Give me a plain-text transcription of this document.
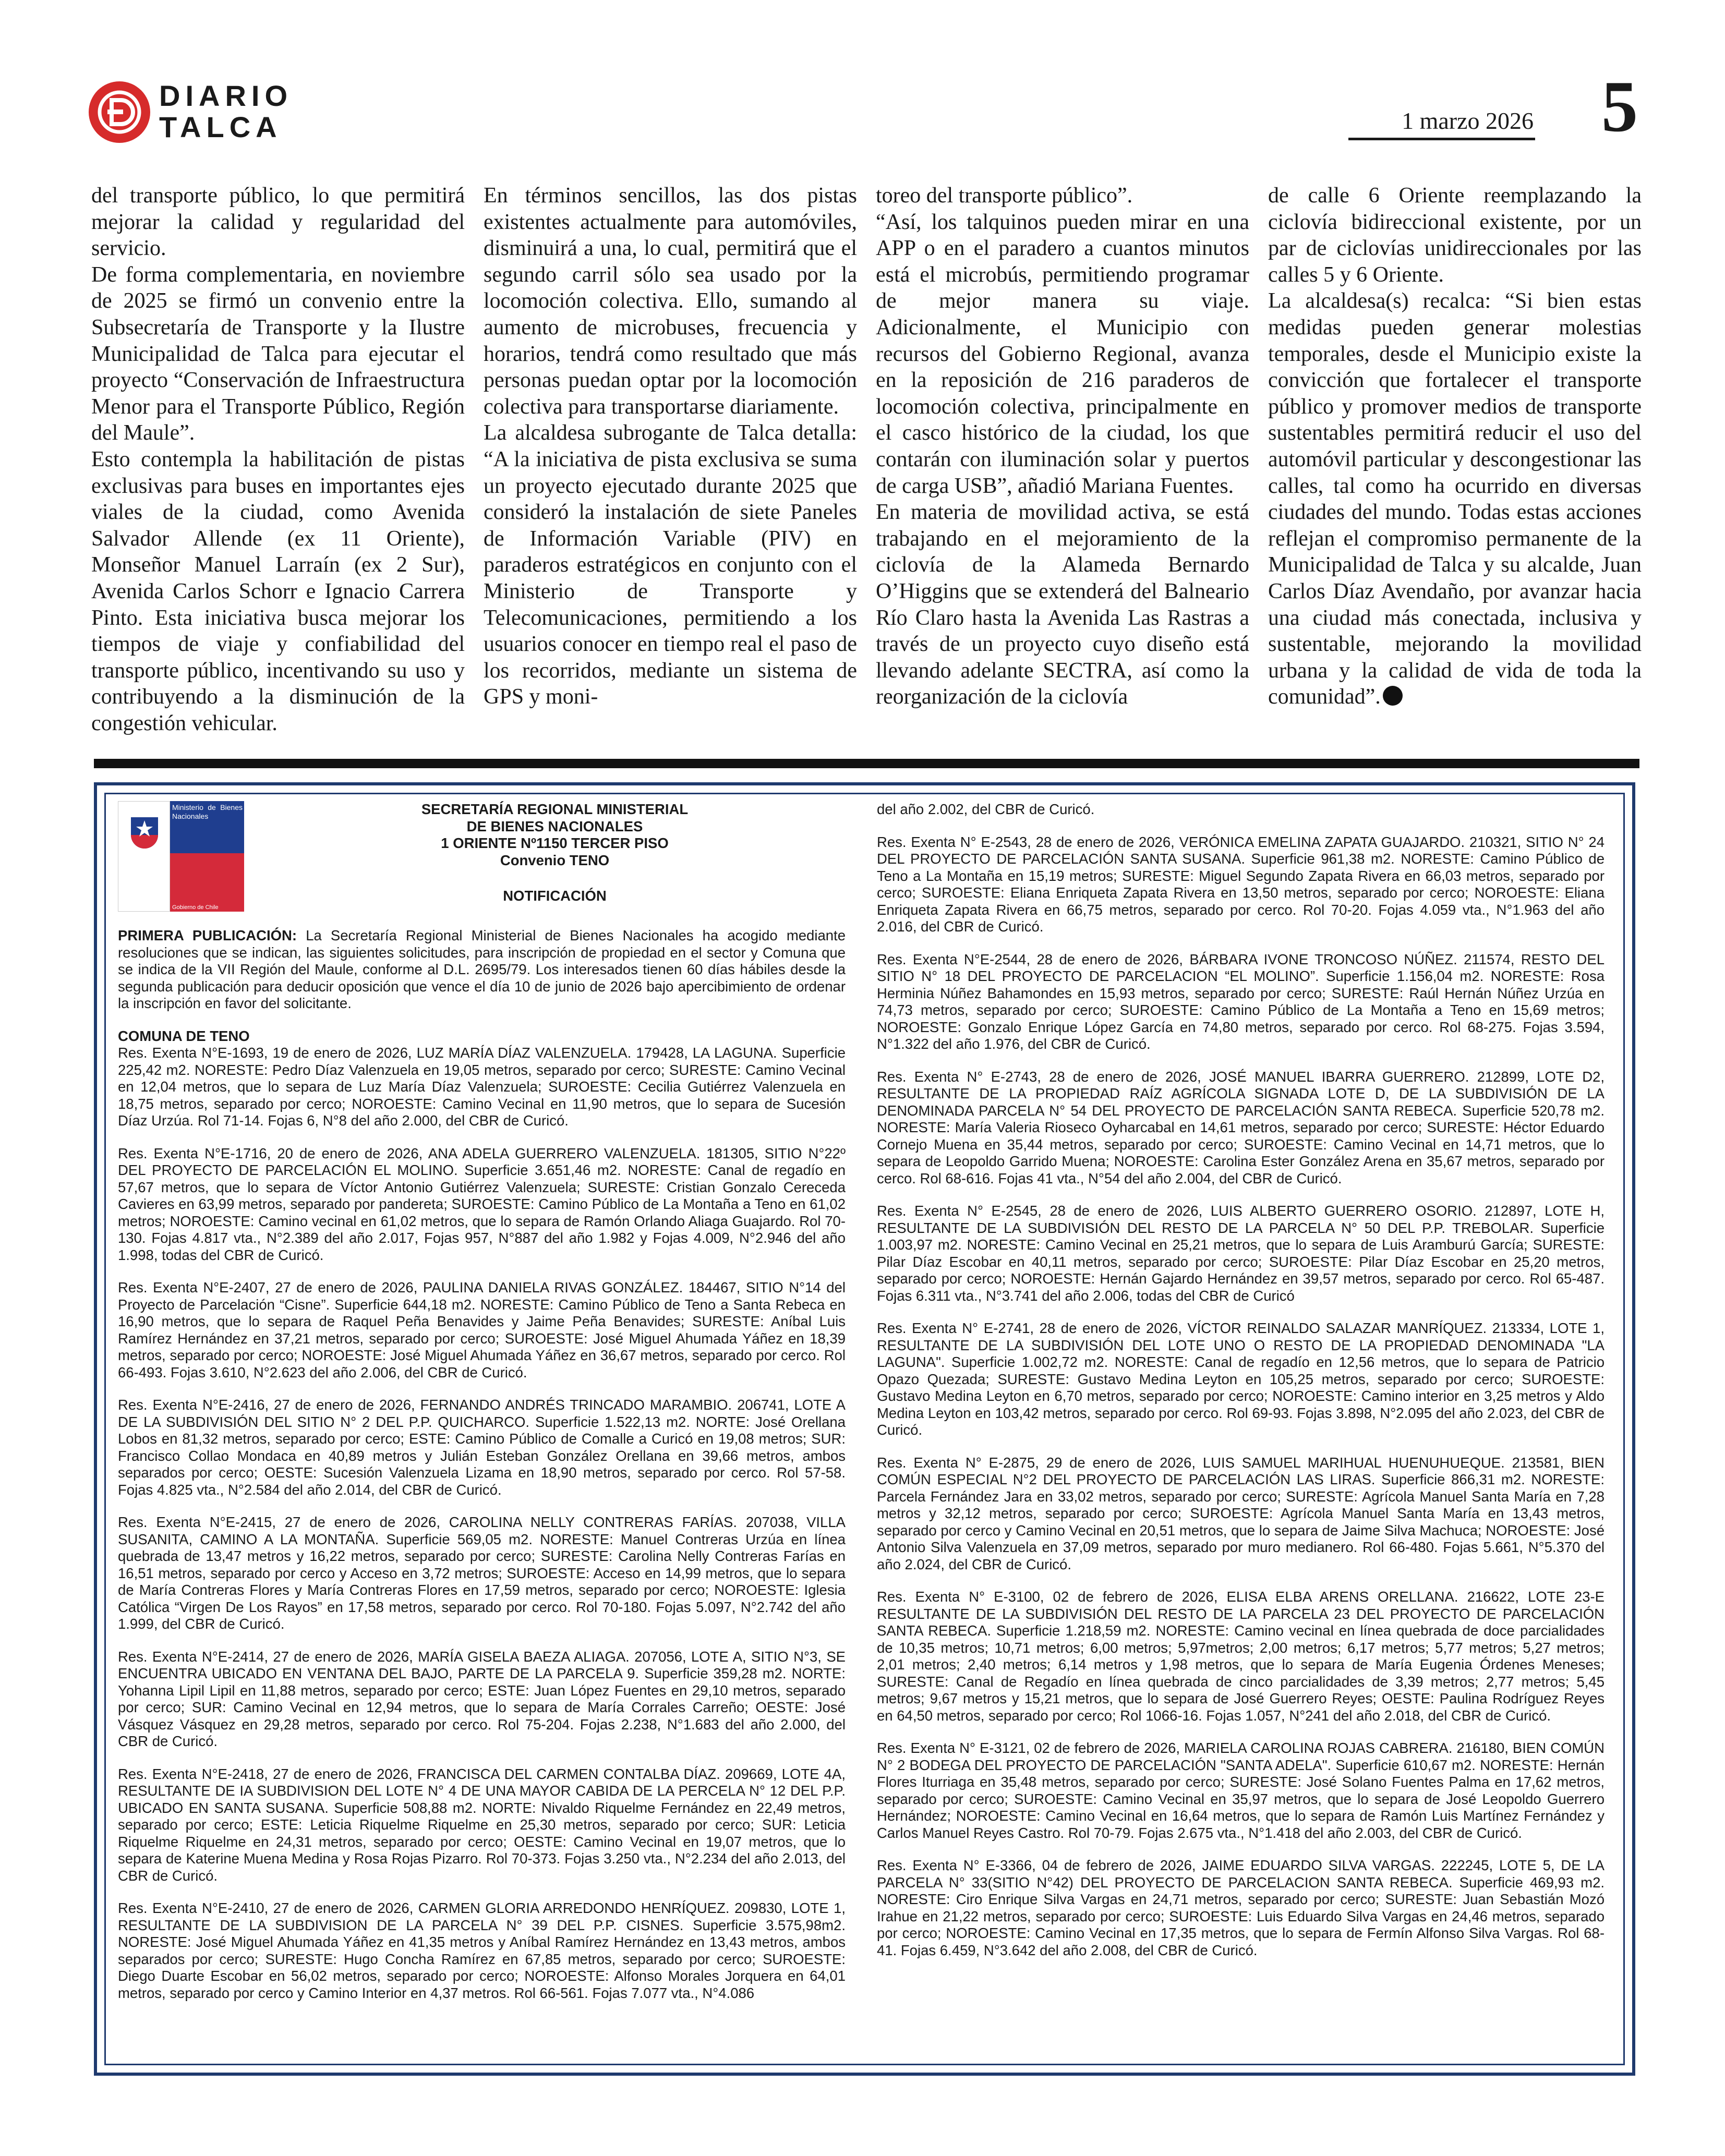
DIARIO
TALCA	1 marzo 2026 5

del transporte público, lo que permitirá mejorar la calidad y regularidad del servicio.

De forma complementaria, en noviembre de 2025 se firmó un convenio entre la Subsecretaría de Transporte y la Ilustre Municipalidad de Talca para ejecutar el proyecto “Conservación de Infraestructura Menor para el Transporte Público, Región del Maule”.

Esto contempla la habilitación de pistas exclusivas para buses en importantes ejes viales de la ciudad, como Avenida Salvador Allende (ex 11 Oriente), Monseñor Manuel Larraín (ex 2 Sur), Avenida Carlos Schorr e Ignacio Carrera Pinto. Esta iniciativa busca mejorar los tiempos de viaje y confiabilidad del transporte público, incentivando su uso y contribuyendo a la disminución de la congestión vehicular.

En términos sencillos, las dos pistas existentes actualmente para automóviles, disminuirá a una, lo cual, permitirá que el segundo carril sólo sea usado por la locomoción colectiva. Ello, sumando al aumento de microbuses, frecuencia y horarios, tendrá como resultado que más personas puedan optar por la locomoción colectiva para transportarse diariamente.

La alcaldesa subrogante de Talca detalla: “A la iniciativa de pista exclusiva se suma un proyecto ejecutado durante 2025 que consideró la instalación de siete Paneles de Información Variable (PIV) en paraderos estratégicos en conjunto con el Ministerio de Transporte y Telecomunicaciones, permitiendo a los usuarios conocer en tiempo real el paso de los recorridos, mediante un sistema de GPS y moni-

toreo del transporte público”.

“Así, los talquinos pueden mirar en una APP o en el paradero a cuantos minutos está el microbús, permitiendo programar de mejor manera su viaje. Adicionalmente, el Municipio con recursos del Gobierno Regional, avanza en la reposición de 216 paraderos de locomoción colectiva, principalmente en el casco histórico de la ciudad, los que contarán con iluminación solar y puertos de carga USB”, añadió Mariana Fuentes.

En materia de movilidad activa, se está trabajando en el mejoramiento de la ciclovía de la Alameda Bernardo O’Higgins que se extenderá del Balneario Río Claro hasta la Avenida Las Rastras a través de un proyecto cuyo diseño está llevando adelante SECTRA, así como la reorganización de la ciclovía

de calle 6 Oriente reemplazando la ciclovía bidireccional existente, por un par de ciclovías unidireccionales por las calles 5 y 6 Oriente.

La alcaldesa(s) recalca: “Si bien estas medidas pueden generar molestias temporales, desde el Municipio existe la convicción que fortalecer el transporte público y promover medios de transporte sustentables permitirá reducir el uso del automóvil particular y descongestionar las calles, tal como ha ocurrido en diversas ciudades del mundo. Todas estas acciones reflejan el compromiso permanente de la Municipalidad de Talca y su alcalde, Juan Carlos Díaz Avendaño, por avanzar hacia una ciudad más conectada, inclusiva y sustentable, mejorando la movilidad urbana y la calidad de vida de toda la comunidad”.

Ministerio de Bienes Nacionales
Gobierno de Chile
SECRETARÍA REGIONAL MINISTERIAL
DE BIENES NACIONALES
1 ORIENTE Nº1150 TERCER PISO
Convenio TENO
NOTIFICACIÓN

PRIMERA PUBLICACIÓN: La Secretaría Regional Ministerial de Bienes Nacionales ha acogido mediante resoluciones que se indican, las siguientes solicitudes, para inscripción de propiedad en el sector y Comuna que se indica de la VII Región del Maule, conforme al D.L. 2695/79. Los interesados tienen 60 días hábiles desde la segunda publicación para deducir oposición que vence el día 10 de junio de 2026 bajo apercibimiento de ordenar la inscripción en favor del solicitante.

COMUNA DE TENO

Res. Exenta N°E-1693, 19 de enero de 2026, LUZ MARÍA DÍAZ VALENZUELA. 179428, LA LAGUNA. Superficie 225,42 m2. NORESTE: Pedro Díaz Valenzuela en 19,05 metros, separado por cerco; SURESTE: Camino Vecinal en 12,04 metros, que lo separa de Luz María Díaz Valenzuela; SUROESTE: Cecilia Gutiérrez Valenzuela en 18,75 metros, separado por cerco; NOROESTE: Camino Vecinal en 11,90 metros, que lo separa de Sucesión Díaz Urzúa. Rol 71-14. Fojas 6, N°8 del año 2.000, del CBR de Curicó.

Res. Exenta N°E-1716, 20 de enero de 2026, ANA ADELA GUERRERO VALENZUELA. 181305, SITIO N°22º DEL PROYECTO DE PARCELACIÓN EL MOLINO. Superficie 3.651,46 m2. NORESTE: Canal de regadío en 57,67 metros, que lo separa de Víctor Antonio Gutiérrez Valenzuela; SURESTE: Cristian Gonzalo Cereceda Cavieres en 63,99 metros, separado por pandereta; SUROESTE: Camino Público de La Montaña a Teno en 61,02 metros; NOROESTE: Camino vecinal en 61,02 metros, que lo separa de Ramón Orlando Aliaga Guajardo. Rol 70-130. Fojas 4.817 vta., N°2.389 del año 2.017, Fojas 957, N°887 del año 1.982 y Fojas 4.009, N°2.946 del año 1.998, todas del CBR de Curicó.

Res. Exenta N°E-2407, 27 de enero de 2026, PAULINA DANIELA RIVAS GONZÁLEZ. 184467, SITIO N°14 del Proyecto de Parcelación “Cisne”. Superficie 644,18 m2. NORESTE: Camino Público de Teno a Santa Rebeca en 16,90 metros, que lo separa de Raquel Peña Benavides y Jaime Peña Benavides; SURESTE: Aníbal Luis Ramírez Hernández en 37,21 metros, separado por cerco; SUROESTE: José Miguel Ahumada Yáñez en 18,39 metros, separado por cerco; NOROESTE: José Miguel Ahumada Yáñez en 36,67 metros, separado por cerco. Rol 66-493. Fojas 3.610, N°2.623 del año 2.006, del CBR de Curicó.

Res. Exenta N°E-2416, 27 de enero de 2026, FERNANDO ANDRÉS TRINCADO MARAMBIO. 206741, LOTE A DE LA SUBDIVISIÓN DEL SITIO N° 2 DEL P.P. QUICHARCO. Superficie 1.522,13 m2. NORTE: José Orellana Lobos en 81,32 metros, separado por cerco; ESTE: Camino Público de Comalle a Curicó en 19,08 metros; SUR: Francisco Collao Mondaca en 40,89 metros y Julián Esteban González Orellana en 39,66 metros, ambos separados por cerco; OESTE: Sucesión Valenzuela Lizama en 18,90 metros, separado por cerco. Rol 57-58. Fojas 4.825 vta., N°2.584 del año 2.014, del CBR de Curicó.

Res. Exenta N°E-2415, 27 de enero de 2026, CAROLINA NELLY CONTRERAS FARÍAS. 207038, VILLA SUSANITA, CAMINO A LA MONTAÑA. Superficie 569,05 m2. NORESTE: Manuel Contreras Urzúa en línea quebrada de 13,47 metros y 16,22 metros, separado por cerco; SURESTE: Carolina Nelly Contreras Farías en 16,51 metros, separado por cerco y Acceso en 3,72 metros; SUROESTE: Acceso en 14,99 metros, que lo separa de María Contreras Flores y María Contreras Flores en 17,59 metros, separado por cerco; NOROESTE: Iglesia Católica “Virgen De Los Rayos” en 17,58 metros, separado por cerco. Rol 70-180. Fojas 5.097, N°2.742 del año 1.999, del CBR de Curicó.

Res. Exenta N°E-2414, 27 de enero de 2026, MARÍA GISELA BAEZA ALIAGA. 207056, LOTE A, SITIO N°3, SE ENCUENTRA UBICADO EN VENTANA DEL BAJO, PARTE DE LA PARCELA 9. Superficie 359,28 m2. NORTE: Yohanna Lipil Lipil en 11,88 metros, separado por cerco; ESTE: Juan López Fuentes en 29,10 metros, separado por cerco; SUR: Camino Vecinal en 12,94 metros, que lo separa de María Corrales Carreño; OESTE: José Vásquez Vásquez en 29,28 metros, separado por cerco. Rol 75-204. Fojas 2.238, N°1.683 del año 2.000, del CBR de Curicó.

Res. Exenta N°E-2418, 27 de enero de 2026, FRANCISCA DEL CARMEN CONTALBA DÍAZ. 209669, LOTE 4A, RESULTANTE DE IA SUBDIVISION DEL LOTE N° 4 DE UNA MAYOR CABIDA DE LA PERCELA N° 12 DEL P.P. UBICADO EN SANTA SUSANA. Superficie 508,88 m2. NORTE: Nivaldo Riquelme Fernández en 22,49 metros, separado por cerco; ESTE: Leticia Riquelme Riquelme en 25,30 metros, separado por cerco; SUR: Leticia Riquelme Riquelme en 24,31 metros, separado por cerco; OESTE: Camino Vecinal en 19,07 metros, que lo separa de Katerine Muena Medina y Rosa Rojas Pizarro. Rol 70-373. Fojas 3.250 vta., N°2.234 del año 2.013, del CBR de Curicó.

Res. Exenta N°E-2410, 27 de enero de 2026, CARMEN GLORIA ARREDONDO HENRÍQUEZ. 209830, LOTE 1, RESULTANTE DE LA SUBDIVISION DE LA PARCELA N° 39 DEL P.P. CISNES. Superficie 3.575,98m2. NORESTE: José Miguel Ahumada Yáñez en 41,35 metros y Aníbal Ramírez Hernández en 13,43 metros, ambos separados por cerco; SURESTE: Hugo Concha Ramírez en 67,85 metros, separado por cerco; SUROESTE: Diego Duarte Escobar en 56,02 metros, separado por cerco; NOROESTE: Alfonso Morales Jorquera en 64,01 metros, separado por cerco y Camino Interior en 4,37 metros. Rol 66-561. Fojas 7.077 vta., N°4.086

del año 2.002, del CBR de Curicó.

Res. Exenta N° E-2543, 28 de enero de 2026, VERÓNICA EMELINA ZAPATA GUAJARDO. 210321, SITIO N° 24 DEL PROYECTO DE PARCELACIÓN SANTA SUSANA. Superficie 961,38 m2. NORESTE: Camino Público de Teno a La Montaña en 15,19 metros; SURESTE: Miguel Segundo Zapata Rivera en 66,03 metros, separado por cerco; SUROESTE: Eliana Enriqueta Zapata Rivera en 13,50 metros, separado por cerco; NOROESTE: Eliana Enriqueta Zapata Rivera en 66,75 metros, separado por cerco. Rol 70-20. Fojas 4.059 vta., N°1.963 del año 2.016, del CBR de Curicó.

Res. Exenta N°E-2544, 28 de enero de 2026, BÁRBARA IVONE TRONCOSO NÚÑEZ. 211574, RESTO DEL SITIO N° 18 DEL PROYECTO DE PARCELACION “EL MOLINO”. Superficie 1.156,04 m2. NORESTE: Rosa Herminia Núñez Bahamondes en 15,93 metros, separado por cerco; SURESTE: Raúl Hernán Núñez Urzúa en 74,73 metros, separado por cerco; SUROESTE: Camino Público de La Montaña a Teno en 15,69 metros; NOROESTE: Gonzalo Enrique López García en 74,80 metros, separado por cerco. Rol 68-275. Fojas 3.594, N°1.322 del año 1.976, del CBR de Curicó.

Res. Exenta N° E-2743, 28 de enero de 2026, JOSÉ MANUEL IBARRA GUERRERO. 212899, LOTE D2, RESULTANTE DE LA PROPIEDAD RAÍZ AGRÍCOLA SIGNADA LOTE D, DE LA SUBDIVISIÓN DE LA DENOMINADA PARCELA N° 54 DEL PROYECTO DE PARCELACIÓN SANTA REBECA. Superficie 520,78 m2. NORESTE: María Valeria Rioseco Oyharcabal en 14,61 metros, separado por cerco; SURESTE: Héctor Eduardo Cornejo Muena en 35,44 metros, separado por cerco; SUROESTE: Camino Vecinal en 14,71 metros, que lo separa de Leopoldo Garrido Muena; NOROESTE: Carolina Ester González Arena en 35,67 metros, separado por cerco. Rol 68-616. Fojas 41 vta., N°54 del año 2.004, del CBR de Curicó.

Res. Exenta N° E-2545, 28 de enero de 2026, LUIS ALBERTO GUERRERO OSORIO. 212897, LOTE H, RESULTANTE DE LA SUBDIVISIÓN DEL RESTO DE LA PARCELA N° 50 DEL P.P. TREBOLAR. Superficie 1.003,97 m2. NORESTE: Camino Vecinal en 25,21 metros, que lo separa de Luis Aramburú García; SURESTE: Pilar Díaz Escobar en 40,11 metros, separado por cerco; SUROESTE: Pilar Díaz Escobar en 25,20 metros, separado por cerco; NOROESTE: Hernán Gajardo Hernández en 39,57 metros, separado por cerco. Rol 65-487. Fojas 6.311 vta., N°3.741 del año 2.006, todas del CBR de Curicó

Res. Exenta N° E-2741, 28 de enero de 2026, VÍCTOR REINALDO SALAZAR MANRÍQUEZ. 213334, LOTE 1, RESULTANTE DE LA SUBDIVISIÓN DEL LOTE UNO O RESTO DE LA PROPIEDAD DENOMINADA "LA LAGUNA". Superficie 1.002,72 m2. NORESTE: Canal de regadío en 12,56 metros, que lo separa de Patricio Opazo Quezada; SURESTE: Gustavo Medina Leyton en 105,25 metros, separado por cerco; SUROESTE: Gustavo Medina Leyton en 6,70 metros, separado por cerco; NOROESTE: Camino interior en 3,25 metros y Aldo Medina Leyton en 103,42 metros, separado por cerco. Rol 69-93. Fojas 3.898, N°2.095 del año 2.023, del CBR de Curicó.

Res. Exenta N° E-2875, 29 de enero de 2026, LUIS SAMUEL MARIHUAL HUENUHUEQUE. 213581, BIEN COMÚN ESPECIAL N°2 DEL PROYECTO DE PARCELACIÓN LAS LIRAS. Superficie 866,31 m2. NORESTE: Parcela Fernández Jara en 33,02 metros, separado por cerco; SURESTE: Agrícola Manuel Santa María en 7,28 metros y 32,12 metros, separado por cerco; SUROESTE: Agrícola Manuel Santa María en 13,43 metros, separado por cerco y Camino Vecinal en 20,51 metros, que lo separa de Jaime Silva Machuca; NOROESTE: José Antonio Silva Valenzuela en 37,09 metros, separado por muro medianero. Rol 66-480. Fojas 5.661, N°5.370 del año 2.024, del CBR de Curicó.

Res. Exenta N° E-3100, 02 de febrero de 2026, ELISA ELBA ARENS ORELLANA. 216622, LOTE 23-E RESULTANTE DE LA SUBDIVISIÓN DEL RESTO DE LA PARCELA 23 DEL PROYECTO DE PARCELACIÓN SANTA REBECA. Superficie 1.218,59 m2. NORESTE: Camino vecinal en línea quebrada de doce parcialidades de 10,35 metros; 10,71 metros; 6,00 metros; 5,97metros; 2,00 metros; 6,17 metros; 5,77 metros; 5,27 metros; 2,01 metros; 2,40 metros; 6,14 metros y 1,98 metros, que lo separa de María Eugenia Órdenes Meneses; SURESTE: Canal de Regadío en línea quebrada de cinco parcialidades de 3,39 metros; 2,77 metros; 5,45 metros; 9,67 metros y 15,21 metros, que lo separa de José Guerrero Reyes; OESTE: Paulina Rodríguez Reyes en 64,50 metros, separado por cerco; Rol 1066-16. Fojas 1.057, N°241 del año 2.018, del CBR de Curicó.

Res. Exenta N° E-3121, 02 de febrero de 2026, MARIELA CAROLINA ROJAS CABRERA. 216180, BIEN COMÚN N° 2 BODEGA DEL PROYECTO DE PARCELACIÓN "SANTA ADELA". Superficie 610,67 m2. NORESTE: Hernán Flores Iturriaga en 35,48 metros, separado por cerco; SURESTE: José Solano Fuentes Palma en 17,62 metros, separado por cerco; SUROESTE: Camino Vecinal en 35,97 metros, que lo separa de José Leopoldo Guerrero Hernández; NOROESTE: Camino Vecinal en 16,64 metros, que lo separa de Ramón Luis Martínez Fernández y Carlos Manuel Reyes Castro. Rol 70-79. Fojas 2.675 vta., N°1.418 del año 2.003, del CBR de Curicó.

Res. Exenta N° E-3366, 04 de febrero de 2026, JAIME EDUARDO SILVA VARGAS. 222245, LOTE 5, DE LA PARCELA N° 33(SITIO N°42) DEL PROYECTO DE PARCELACION SANTA REBECA. Superficie 469,93 m2. NORESTE: Ciro Enrique Silva Vargas en 24,71 metros, separado por cerco; SURESTE: Juan Sebastián Mozó Irahue en 21,22 metros, separado por cerco; SUROESTE: Luis Eduardo Silva Vargas en 24,46 metros, separado por cerco; NOROESTE: Camino Vecinal en 17,35 metros, que lo separa de Fermín Alfonso Silva Vargas. Rol 68-41. Fojas 6.459, N°3.642 del año 2.008, del CBR de Curicó.
